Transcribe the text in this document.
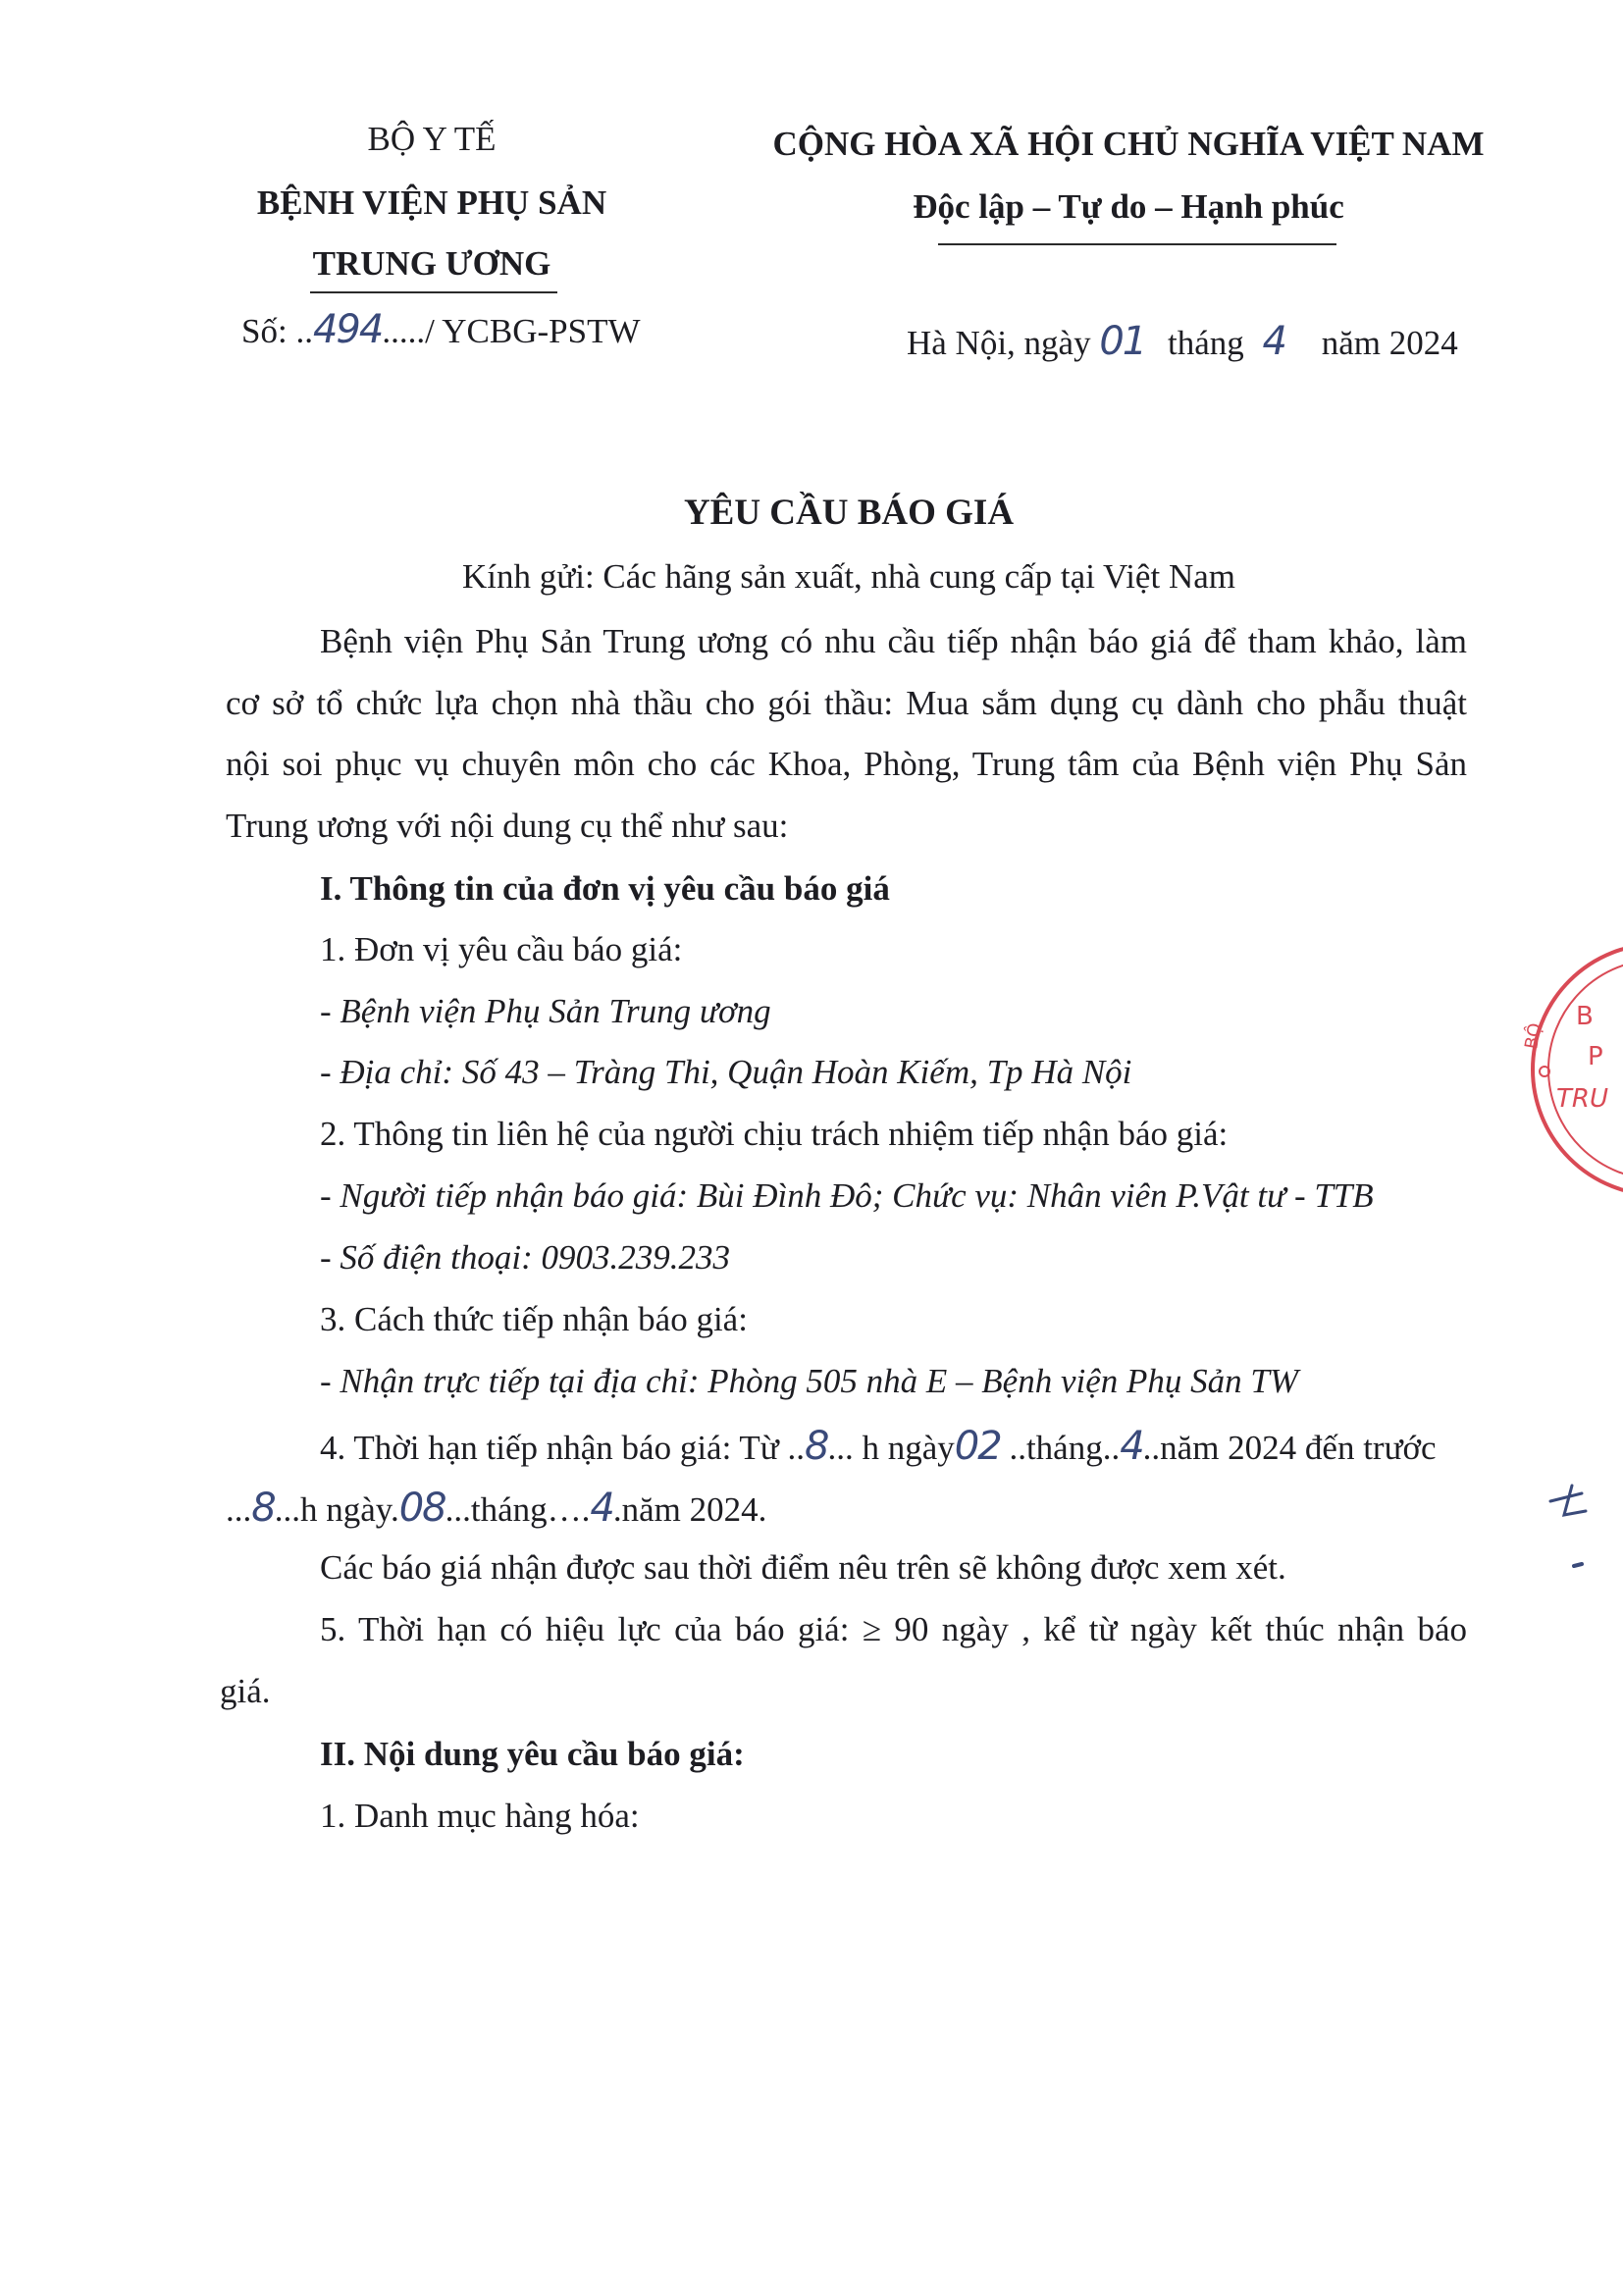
BỘ Y TẾ
BỆNH VIỆN PHỤ SẢN
TRUNG ƯƠNG
Số: ..494...../ YCBG-PSTW
CỘNG HÒA XÃ HỘI CHỦ NGHĨA VIỆT NAM
Độc lập – Tự do – Hạnh phúc
Hà Nội, ngày 01 tháng 4 năm 2024
YÊU CẦU BÁO GIÁ
Kính gửi: Các hãng sản xuất, nhà cung cấp tại Việt Nam
Bệnh viện Phụ Sản Trung ương có nhu cầu tiếp nhận báo giá để tham khảo, làm
cơ sở tổ chức lựa chọn nhà thầu cho gói thầu: Mua sắm dụng cụ dành cho phẫu thuật
nội soi phục vụ chuyên môn cho các Khoa, Phòng, Trung tâm của Bệnh viện Phụ Sản
Trung ương với nội dung cụ thể như sau:
I. Thông tin của đơn vị yêu cầu báo giá
1. Đơn vị yêu cầu báo giá:
- Bệnh viện Phụ Sản Trung ương
- Địa chỉ: Số 43 – Tràng Thi, Quận Hoàn Kiếm, Tp Hà Nội
2. Thông tin liên hệ của người chịu trách nhiệm tiếp nhận báo giá:
- Người tiếp nhận báo giá: Bùi Đình Đô; Chức vụ: Nhân viên P.Vật tư - TTB
- Số điện thoại: 0903.239.233
3. Cách thức tiếp nhận báo giá:
- Nhận trực tiếp tại địa chỉ: Phòng 505 nhà E – Bệnh viện Phụ Sản TW
4. Thời hạn tiếp nhận báo giá: Từ ..8... h ngày02 ..tháng..4..năm 2024 đến trước
...8...h ngày.08...tháng….4.năm 2024.
Các báo giá nhận được sau thời điểm nêu trên sẽ không được xem xét.
5. Thời hạn có hiệu lực của báo giá: ≥ 90 ngày , kể từ ngày kết thúc nhận báo
giá.
II. Nội dung yêu cầu báo giá:
1. Danh mục hàng hóa:
B
P
TRU
BỘ
